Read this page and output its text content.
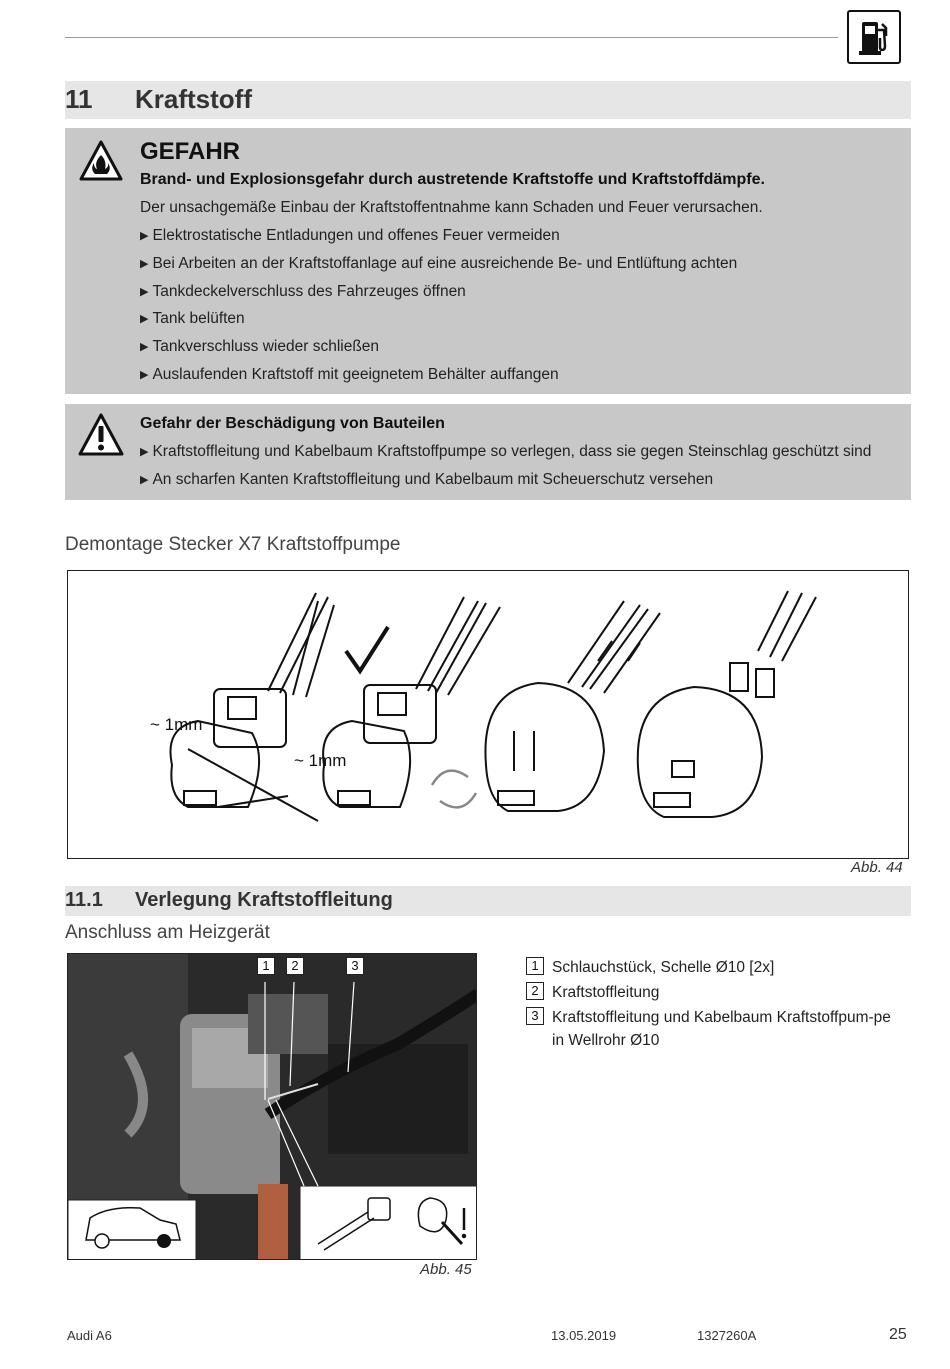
11 Kraftstoff
GEFAHR
Brand- und Explosionsgefahr durch austretende Kraftstoffe und Kraftstoffdämpfe.
Der unsachgemäße Einbau der Kraftstoffentnahme kann Schaden und Feuer verursachen.
▶ Elektrostatische Entladungen und offenes Feuer vermeiden
▶ Bei Arbeiten an der Kraftstoffanlage auf eine ausreichende Be- und Entlüftung achten
▶ Tankdeckelverschluss des Fahrzeuges öffnen
▶ Tank belüften
▶ Tankverschluss wieder schließen
▶ Auslaufenden Kraftstoff mit geeignetem Behälter auffangen
Gefahr der Beschädigung von Bauteilen
▶ Kraftstoffleitung und Kabelbaum Kraftstoffpumpe so verlegen, dass sie gegen Steinschlag geschützt sind
▶ An scharfen Kanten Kraftstoffleitung und Kabelbaum mit Scheuerschutz versehen
Demontage Stecker X7 Kraftstoffpumpe
~ 1mm
~ 1mm
Abb. 44
11.1 Verlegung Kraftstoffleitung
Anschluss am Heizgerät
1	2	3
Abb. 45
1 Schlauchstück, Schelle Ø10 [2x]
2 Kraftstoffleitung
3 Kraftstoffleitung und Kabelbaum Kraftstoffpum-pe in Wellrohr Ø10
Audi A6	13.05.2019	1327260A	25
